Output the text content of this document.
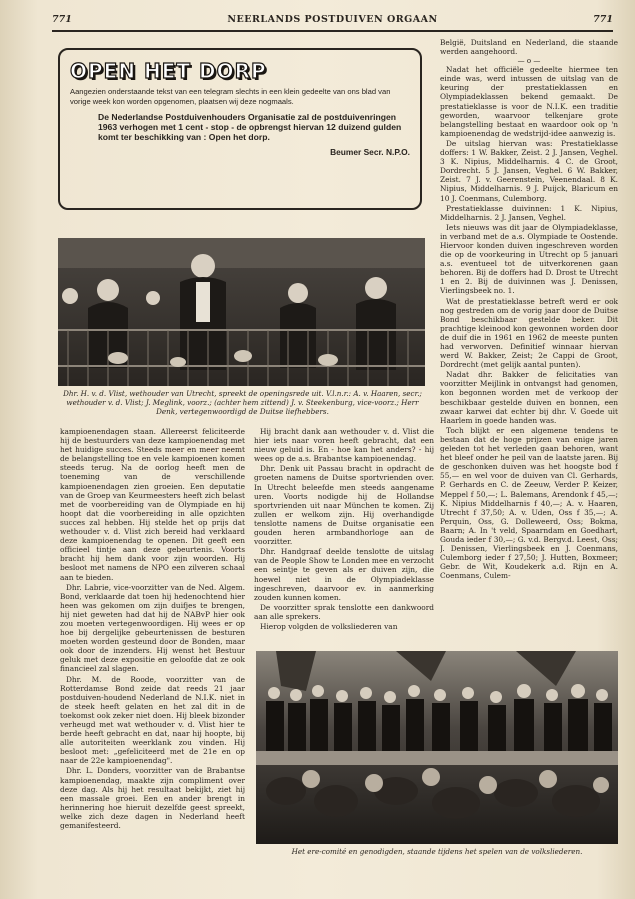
771	NEERLANDS POSTDUIVEN ORGAAN	771
OPEN HET DORP

Aangezien onderstaande tekst van een telegram slechts in een klein gedeelte van ons blad van vorige week kon worden opgenomen, plaatsen wij deze nogmaals.

De Nederlandse Postduivenhouders Organisatie zal de postduivenringen 1963 verhogen met 1 cent - stop - de opbrengst hiervan 12 duizend gulden komt ter beschikking van : Open het dorp.

Beumer Secr. N.P.O.

Dhr. H. v. d. Vlist, wethouder van Utrecht, spreekt de openingsrede uit. V.l.n.r.: A. v. Haaren, secr.; wethouder v. d. Vlist; J. Meglink, voorz.; (achter hem zittend) J. v. Steekenburg, vice-voorz.; Herr Denk, vertegenwoordigd de Duitse liefhebbers.

kampioenendagen staan. Allereerst feliciteerde hij de bestuurders van deze kampioenendag met het huidige succes. Steeds meer en meer neemt de belangstelling toe en vele kampioenen komen steeds terug. Na de oorlog heeft men de toeneming van de verschillende kampioenendagen zien groeien. Een deputatie van de Groep van Keurmeesters heeft zich belast met de voorbereiding van de Olympiade en hij hoopt dat die voorbereiding in alle opzichten succes zal hebben. Hij stelde het op prijs dat wethouder v. d. Vlist zich bereid had verklaard deze kampioenendag te openen. Dit geeft een officieel tintje aan deze gebeurtenis. Voorts bracht hij hem dank voor zijn woorden. Hij besloot met namens de NPO een zilveren schaal aan te bieden.

Dhr. Labrie, vice-voorzitter van de Ned. Algem. Bond, verklaarde dat toen hij hedenochtend hier heen was gekomen om zijn duifjes te brengen, hij niet geweten had dat hij de NABvP hier ook zou moeten vertegenwoordigen. Hij wees er op hoe bij dergelijke gebeurtenissen de besturen moeten worden gesteund door de Bonden, maar ook door de inzenders. Hij wenst het Bestuur geluk met deze expositie en geloofde dat ze ook financieel zal slagen.

Dhr. M. de Roode, voorzitter van de Rotterdamse Bond zeide dat reeds 21 jaar postduiven-houdend Nederland de N.I.K. niet in de steek heeft gelaten en het zal dit in de toekomst ook zeker niet doen. Hij bleek bizonder verheugd met wat wethouder v. d. Vlist hier te berde heeft gebracht en dat, naar hij hoopte, bij alle autoriteiten weerklank zou vinden. Hij besloot met: „gefeliciteerd met de 21e en op naar de 22e kampioenendag".

Dhr. L. Donders, voorzitter van de Brabantse kampioenendag, maakte zijn compliment over deze dag. Als hij het resultaat bekijkt, ziet hij een massale groei. Een en ander brengt in herinnering hoe hieruit dezelfde geest spreekt, welke zich deze dagen in Nederland heeft gemanifesteerd.

Hij bracht dank aan wethouder v. d. Vlist die hier iets naar voren heeft gebracht, dat een nieuw geluid is. En - hoe kan het anders? - hij wees op de a.s. Brabantse kampioenendag.

Dhr. Denk uit Passau bracht in opdracht de groeten namens de Duitse sportvrienden over. In Utrecht beleefde men steeds aangename uren. Voorts nodigde hij de Hollandse sportvrienden uit naar München te komen. Zij zullen er welkom zijn. Hij overhandigde tenslotte namens de Duitse organisatie een gouden heren armbandhorloge aan de voorzitter.

Dhr. Handgraaf deelde tenslotte de uitslag van de People Show te Londen mee en verzocht een seintje te geven als er duiven zijn, die hoewel niet in de Olympiadeklasse ingeschreven, daarvoor ev. in aanmerking zouden kunnen komen.

De voorzitter sprak tenslotte een dankwoord aan alle sprekers.

Hierop volgden de volksliederen van

België, Duitsland en Nederland, die staande werden aangehoord.

— o —

Nadat het officiële gedeelte hiermee ten einde was, werd intussen de uitslag van de keuring der prestatieklassen en Olympiadeklassen bekend gemaakt. De prestatieklasse is voor de N.I.K. een traditie geworden, waarvoor telkenjare grote belangstelling bestaat en waardoor ook op 'n kampioenendag de wedstrijd-idee aanwezig is.

De uitslag hiervan was: Prestatieklasse doffers: 1 W. Bakker, Zeist. 2 J. Jansen, Veghel. 3 K. Nipius, Middelharnis. 4 C. de Groot, Dordrecht. 5 J. Jansen, Veghel. 6 W. Bakker, Zeist. 7 J. v. Geerenstein, Veenendaal. 8 K. Nipius, Middelharnis. 9 J. Puijck, Blaricum en 10 J. Coenmans, Culemborg.

Prestatieklasse duivinnen: 1 K. Nipius, Middelharnis. 2 J. Jansen, Veghel.

Iets nieuws was dit jaar de Olympiadeklasse, in verband met de a.s. Olympiade te Oostende. Hiervoor konden duiven ingeschreven worden die op de voorkeuring in Utrecht op 5 januari a.s. eventueel tot de uitverkorenen gaan behoren. Bij de doffers had D. Drost te Utrecht 1 en 2. Bij de duivinnen was J. Denissen, Vierlingsbeek no. 1.

Wat de prestatieklasse betreft werd er ook nog gestreden om de vorig jaar door de Duitse Bond beschikbaar gestelde beker. Dit prachtige kleinood kon gewonnen worden door de duif die in 1961 en 1962 de meeste punten had verworven. Definitief winnaar hiervan werd W. Bakker, Zeist; 2e Cappi de Groot, Dordrecht (met gelijk aantal punten).

Nadat dhr. Bakker de felicitaties van voorzitter Meijlink in ontvangst had genomen, kon begonnen worden met de verkoop der beschikbaar gestelde duiven en bonnen, een zwaar karwei dat echter bij dhr. V. Goede uit Haarlem in goede handen was.

Toch blijkt er een algemene tendens te bestaan dat de hoge prijzen van enige jaren geleden tot het verleden gaan behoren, want het bleef onder he peil van de laatste jaren. Bij de geschonken duiven was het hoogste bod f 55,— en wel voor de duiven van Cl. Gerhards, P. Gerhards en C. de Zeeuw, Verder P. Keizer, Meppel f 50,—; L. Balemans, Arendonk f 45,—; K. Nipius Middelharnis f 40,—; A. v. Haaren, Utrecht f 37,50; A. v. Uden, Oss f 35,—; A. Perquin, Oss, G. Dolleweerd, Oss; Bokma, Baarn; A. In 't veld, Spaarndam en Goedhart, Gouda ieder f 30,—; G. v.d. Bergv.d. Leest, Oss; J. Denissen, Vierlingsbeek en J. Coenmans, Culemborg ieder f 27,50; J. Hutten, Boxmeer; Gebr. de Wit, Koudekerk a.d. Rijn en A. Coenmans, Culem-

Het ere-comité en genodigden, staande tijdens het spelen van de volksliederen.
